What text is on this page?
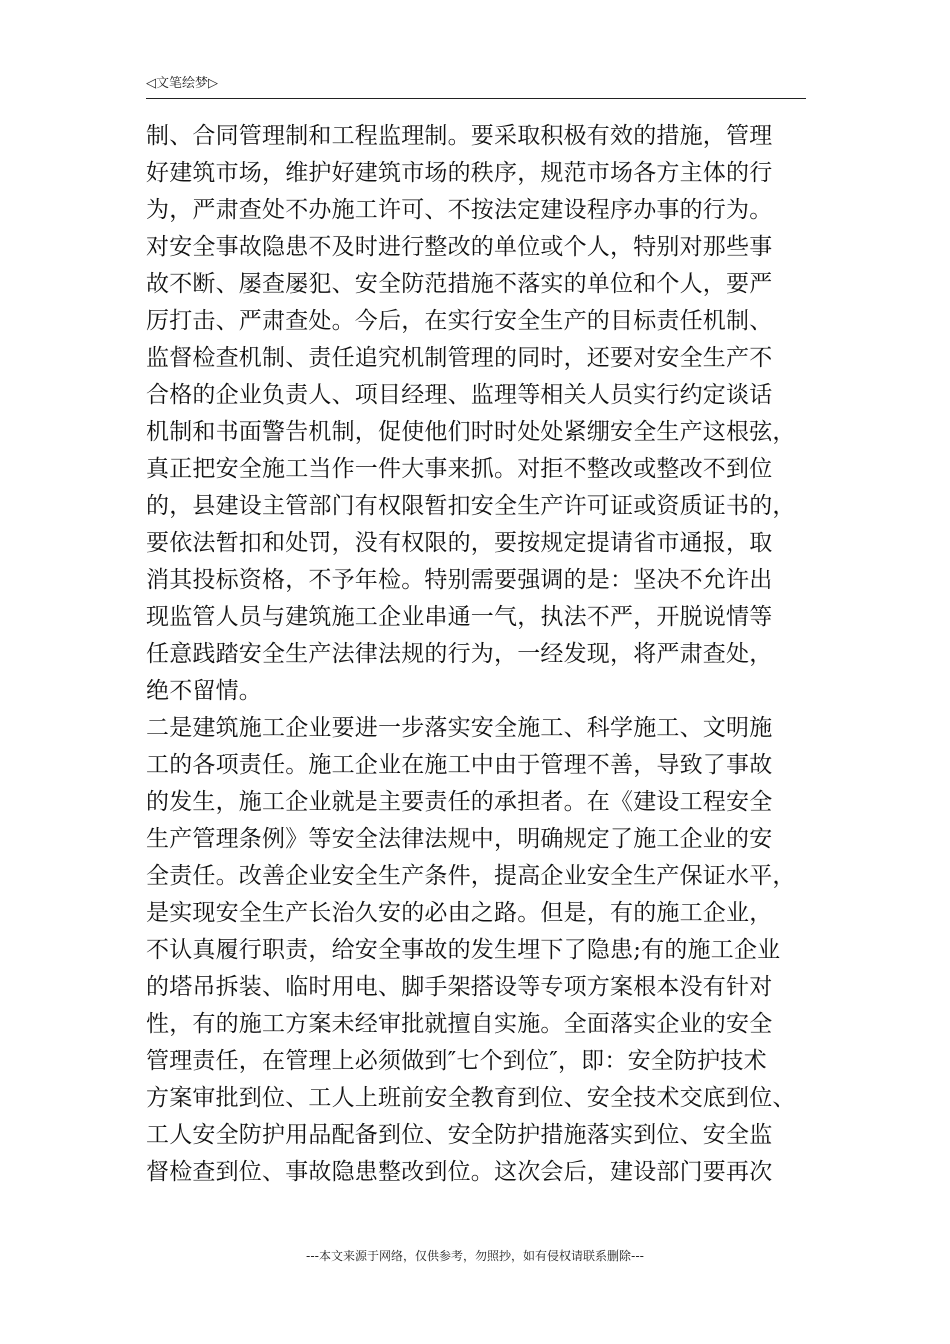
◁文笔绘梦▷
制、合同管理制和工程监理制。要采取积极有效的措施，管理
好建筑市场，维护好建筑市场的秩序，规范市场各方主体的行
为，严肃查处不办施工许可、不按法定建设程序办事的行为。
对安全事故隐患不及时进行整改的单位或个人，特别对那些事
故不断、屡查屡犯、安全防范措施不落实的单位和个人，要严
厉打击、严肃查处。今后，在实行安全生产的目标责任机制、
监督检查机制、责任追究机制管理的同时，还要对安全生产不
合格的企业负责人、项目经理、监理等相关人员实行约定谈话
机制和书面警告机制，促使他们时时处处紧绷安全生产这根弦，
真正把安全施工当作一件大事来抓。对拒不整改或整改不到位
的，县建设主管部门有权限暂扣安全生产许可证或资质证书的，
要依法暂扣和处罚，没有权限的，要按规定提请省市通报，取
消其投标资格，不予年检。特别需要强调的是：坚决不允许出
现监管人员与建筑施工企业串通一气，执法不严，开脱说情等
任意践踏安全生产法律法规的行为，一经发现，将严肃查处，
绝不留情。
二是建筑施工企业要进一步落实安全施工、科学施工、文明施
工的各项责任。施工企业在施工中由于管理不善，导致了事故
的发生，施工企业就是主要责任的承担者。在《建设工程安全
生产管理条例》等安全法律法规中，明确规定了施工企业的安
全责任。改善企业安全生产条件，提高企业安全生产保证水平，
是实现安全生产长治久安的必由之路。但是，有的施工企业，
不认真履行职责，给安全事故的发生埋下了隐患;有的施工企业
的塔吊拆装、临时用电、脚手架搭设等专项方案根本没有针对
性，有的施工方案未经审批就擅自实施。全面落实企业的安全
管理责任，在管理上必须做到″七个到位″，即：安全防护技术
方案审批到位、工人上班前安全教育到位、安全技术交底到位、
工人安全防护用品配备到位、安全防护措施落实到位、安全监
督检查到位、事故隐患整改到位。这次会后，建设部门要再次
---本文来源于网络，仅供参考，勿照抄，如有侵权请联系删除---
